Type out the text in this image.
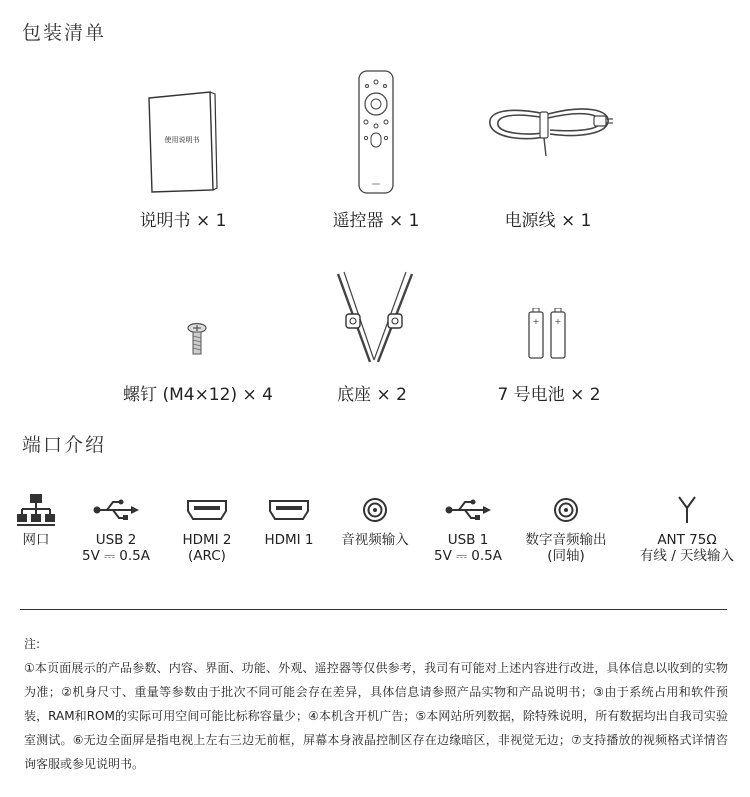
包装清单
端口介绍
使用说明书
说明书 × 1	遥控器 × 1	电源线 × 1
螺钉 (M4×12) × 4	底座 × 2
+ +
7 号电池 × 2
网口	USB 2
5V ⎓ 0.5A
HDMI 2
(ARC)
HDMI 1	音视频输入	USB 1
5V ⎓ 0.5A
数字音频输出
(同轴)
ANT 75Ω
有线 / 天线输入
注:
①本页面展示的产品参数、内容、界面、功能、外观、遥控器等仅供参考，我司有可能对上述内容进行改进，具体信息以收到的实物为准；②机身尺寸、重量等参数由于批次不同可能会存在差异，具体信息请参照产品实物和产品说明书；③由于系统占用和软件预装，RAM和ROM的实际可用空间可能比标称容量少；④本机含开机广告；⑤本网站所列数据，除特殊说明，所有数据均出自我司实验室测试。⑥无边全面屏是指电视上左右三边无前框，屏幕本身液晶控制区存在边缘暗区，非视觉无边；⑦支持播放的视频格式详情咨询客服或参见说明书。
